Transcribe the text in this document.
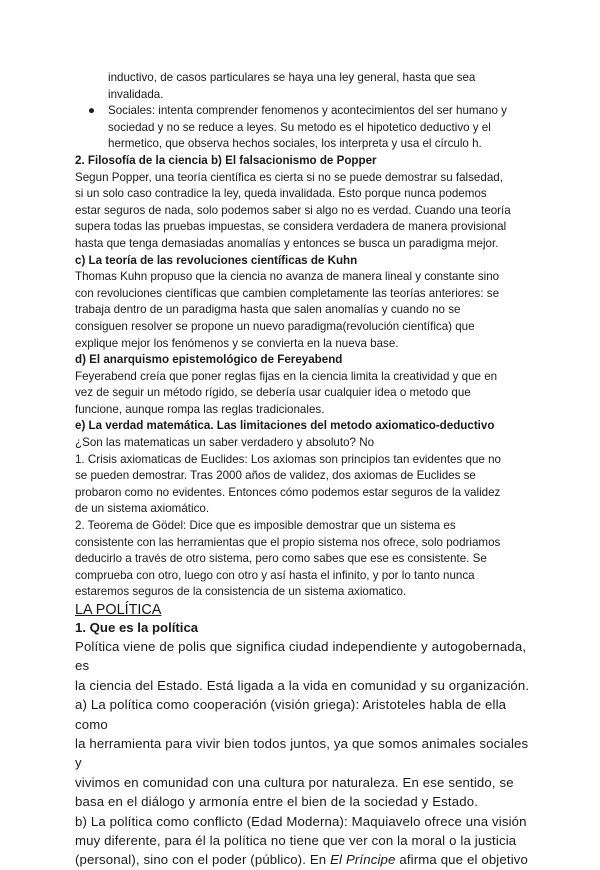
inductivo, de casos particulares se haya una ley general, hasta que sea

invalidada.

● Sociales: intenta comprender fenomenos y acontecimientos del ser humano y

sociedad y no se reduce a leyes. Su metodo es el hipotetico deductivo y el

hermetico, que observa hechos sociales, los interpreta y usa el círculo h.

2. Filosofía de la ciencia b) El falsacionismo de Popper

Segun Popper, una teoría científica es cierta si no se puede demostrar su falsedad,

si un solo caso contradice la ley, queda invalidada. Esto porque nunca podemos

estar seguros de nada, solo podemos saber si algo no es verdad. Cuando una teoría

supera todas las pruebas impuestas, se considera verdadera de manera provisional

hasta que tenga demasiadas anomalías y entonces se busca un paradigma mejor.

c) La teoría de las revoluciones científicas de Kuhn

Thomas Kuhn propuso que la ciencia no avanza de manera lineal y constante sino

con revoluciones científicas que cambien completamente las teorías anteriores: se

trabaja dentro de un paradigma hasta que salen anomalías y cuando no se

consiguen resolver se propone un nuevo paradigma(revolución científica) que

explique mejor los fenómenos y se convierta en la nueva base.

d) El anarquismo epistemológico de Fereyabend

Feyerabend creía que poner reglas fijas en la ciencia limita la creatividad y que en

vez de seguir un método rígido, se debería usar cualquier idea o metodo que

funcione, aunque rompa las reglas tradicionales.

e) La verdad matemática. Las limitaciones del metodo axiomatico-deductivo

¿Son las matematicas un saber verdadero y absoluto? No

1. Crisis axiomaticas de Euclides: Los axiomas son principios tan evidentes que no

se pueden demostrar. Tras 2000 años de validez, dos axiomas de Euclides se

probaron como no evidentes. Entonces cómo podemos estar seguros de la validez

de un sistema axiomático.

2. Teorema de Gödel: Dice que es imposible demostrar que un sistema es

consistente con las herramientas que el propio sistema nos ofrece, solo podriamos

deducirlo a través de otro sistema, pero como sabes que ese es consistente. Se

comprueba con otro, luego con otro y así hasta el infinito, y por lo tanto nunca

estaremos seguros de la consistencia de un sistema axiomatico.

LA POLÍTICA

1. Que es la política

Política viene de polis que significa ciudad independiente y autogobernada, es

la ciencia del Estado. Está ligada a la vida en comunidad y su organización.

a) La política como cooperación (visión griega): Aristoteles habla de ella como

la herramienta para vivir bien todos juntos, ya que somos animales sociales y

vivimos en comunidad con una cultura por naturaleza. En ese sentido, se

basa en el diálogo y armonía entre el bien de la sociedad y Estado.

b) La política como conflicto (Edad Moderna): Maquiavelo ofrece una visión

muy diferente, para él la política no tiene que ver con la moral o la justicia

(personal), sino con el poder (público). En El Príncipe afirma que el objetivo
